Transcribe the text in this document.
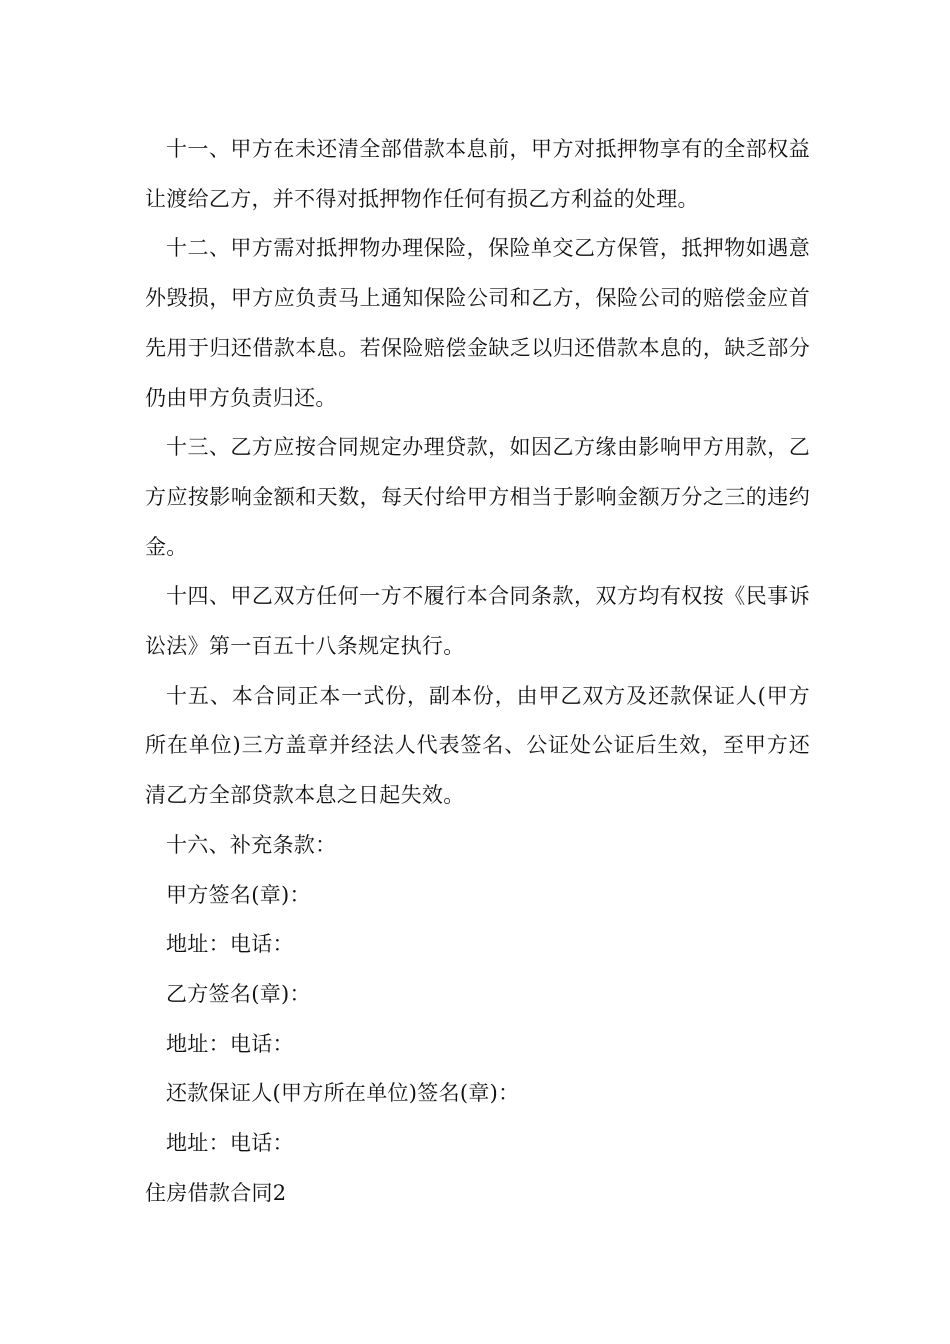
十一、甲方在未还清全部借款本息前，甲方对抵押物享有的全部权益让渡给乙方，并不得对抵押物作任何有损乙方利益的处理。

十二、甲方需对抵押物办理保险，保险单交乙方保管，抵押物如遇意外毁损，甲方应负责马上通知保险公司和乙方，保险公司的赔偿金应首先用于归还借款本息。若保险赔偿金缺乏以归还借款本息的，缺乏部分仍由甲方负责归还。

十三、乙方应按合同规定办理贷款，如因乙方缘由影响甲方用款，乙方应按影响金额和天数，每天付给甲方相当于影响金额万分之三的违约金。

十四、甲乙双方任何一方不履行本合同条款，双方均有权按《民事诉讼法》第一百五十八条规定执行。

十五、本合同正本一式份，副本份，由甲乙双方及还款保证人(甲方所在单位)三方盖章并经法人代表签名、公证处公证后生效，至甲方还清乙方全部贷款本息之日起失效。

十六、补充条款：

甲方签名(章)：

地址：电话：

乙方签名(章)：

地址：电话：

还款保证人(甲方所在单位)签名(章)：

地址：电话：

住房借款合同2
